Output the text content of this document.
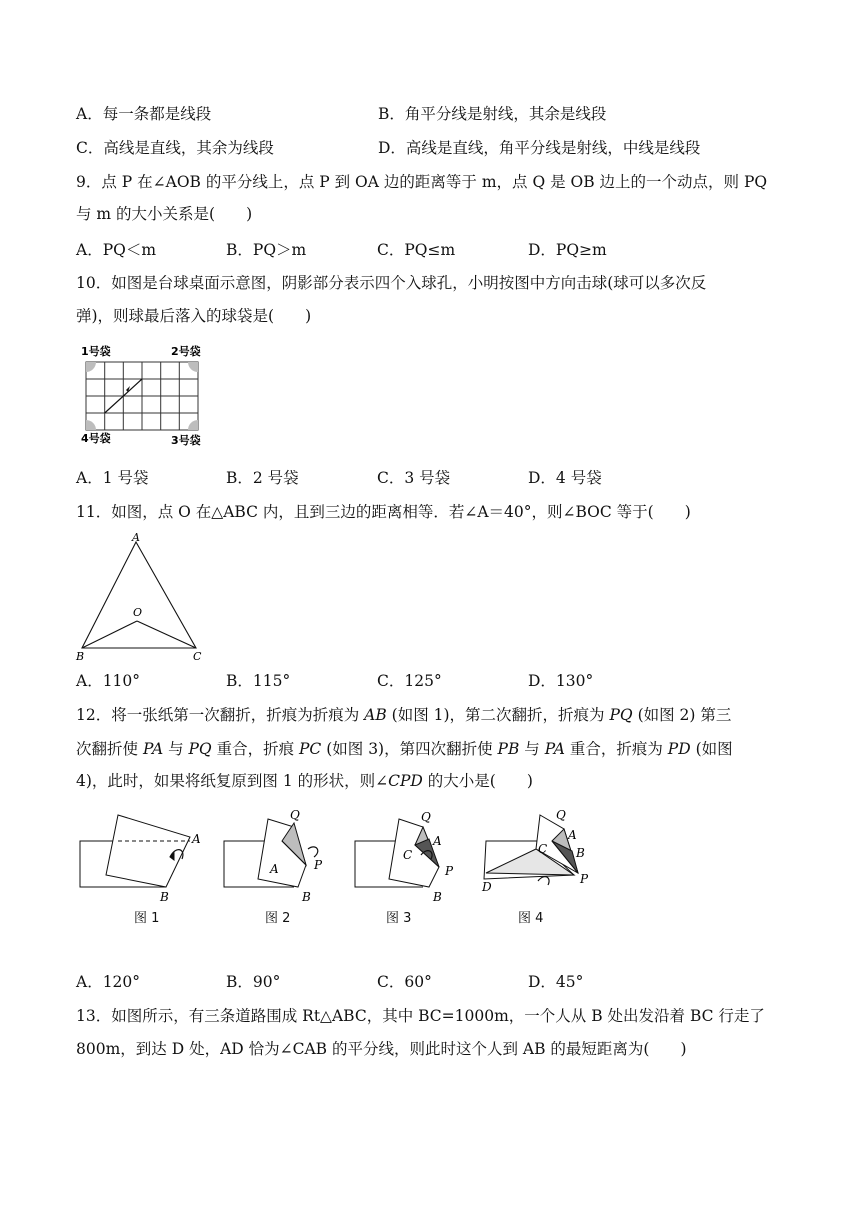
A．每一条都是线段	B．角平分线是射线，其余是线段
C．高线是直线，其余为线段	D．高线是直线，角平分线是射线，中线是线段
9．点 P 在∠AOB 的平分线上，点 P 到 OA 边的距离等于 m，点 Q 是 OB 边上的一个动点，则 PQ
与 m 的大小关系是(　　)
A．PQ＜m	B．PQ＞m	C．PQ≤m	D．PQ≥m
10．如图是台球桌面示意图，阴影部分表示四个入球孔，小明按图中方向击球(球可以多次反
弹)，则球最后落入的球袋是(　　)
1号袋	2号袋
4号袋	3号袋
A．1 号袋	B．2 号袋	C．3 号袋	D．4 号袋
11．如图，点 O 在△ABC 内，且到三边的距离相等．若∠A＝40°，则∠BOC 等于(　　)
A
O
B	C
A．110°	B．115°	C．125°	D．130°
12．将一张纸第一次翻折，折痕为折痕为 AB (如图 1)，第二次翻折，折痕为 PQ (如图 2) 第三
次翻折使 PA 与 PQ 重合，折痕 PC (如图 3)，第四次翻折使 PB 与 PA 重合，折痕为 PD (如图
4)，此时，如果将纸复原到图 1 的形状，则∠CPD 的大小是(　　)
A
B
图 1
Q
A	P
B
图 2
Q
A
C
P
B
图 3
Q
A
C B
P
D
图 4
A．120°	B．90°	C．60°	D．45°
13．如图所示，有三条道路围成 Rt△ABC，其中 BC=1000m，一个人从 B 处出发沿着 BC 行走了
800m，到达 D 处，AD 恰为∠CAB 的平分线，则此时这个人到 AB 的最短距离为(　　)
